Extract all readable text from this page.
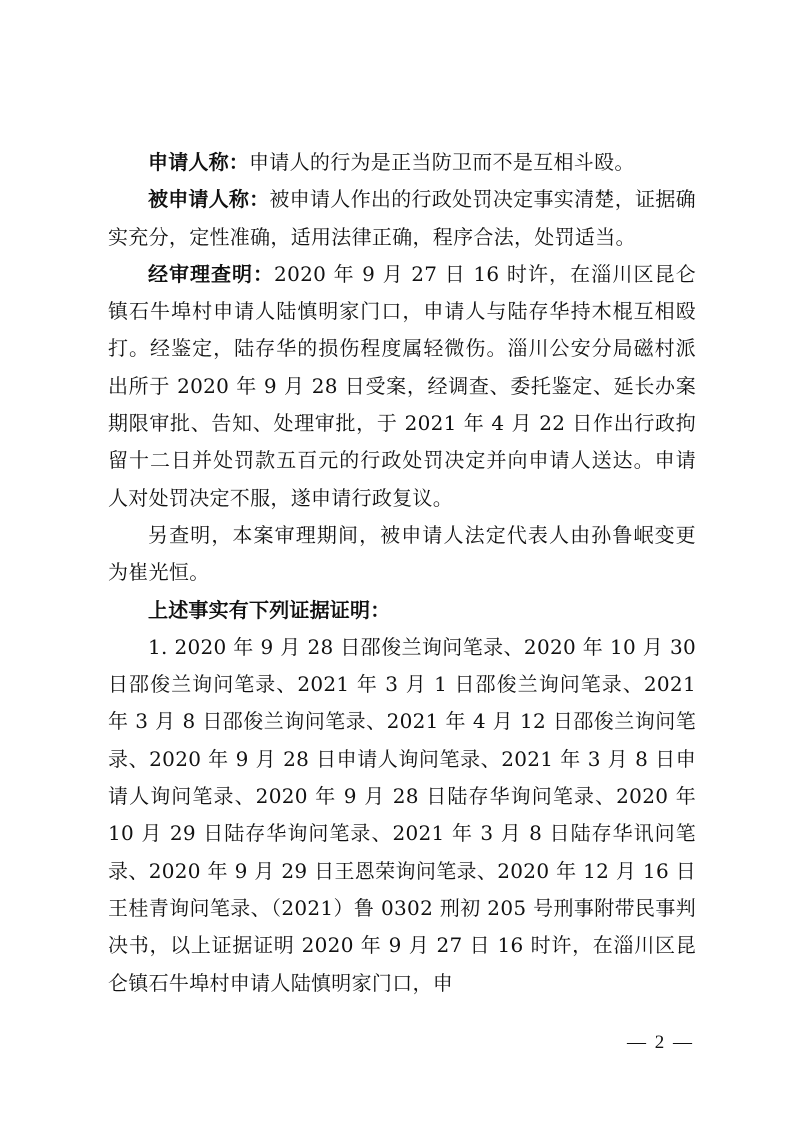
申请人称：申请人的行为是正当防卫而不是互相斗殴。

被申请人称：被申请人作出的行政处罚决定事实清楚，证据确实充分，定性准确，适用法律正确，程序合法，处罚适当。

经审理查明：2020 年 9 月 27 日 16 时许，在淄川区昆仑镇石牛埠村申请人陆慎明家门口，申请人与陆存华持木棍互相殴打。经鉴定，陆存华的损伤程度属轻微伤。淄川公安分局磁村派出所于 2020 年 9 月 28 日受案，经调查、委托鉴定、延长办案期限审批、告知、处理审批，于 2021 年 4 月 22 日作出行政拘留十二日并处罚款五百元的行政处罚决定并向申请人送达。申请人对处罚决定不服，遂申请行政复议。

另查明，本案审理期间，被申请人法定代表人由孙鲁岷变更为崔光恒。

上述事实有下列证据证明：

1. 2020 年 9 月 28 日邵俊兰询问笔录、2020 年 10 月 30 日邵俊兰询问笔录、2021 年 3 月 1 日邵俊兰询问笔录、2021 年 3 月 8 日邵俊兰询问笔录、2021 年 4 月 12 日邵俊兰询问笔录、2020 年 9 月 28 日申请人询问笔录、2021 年 3 月 8 日申请人询问笔录、2020 年 9 月 28 日陆存华询问笔录、2020 年 10 月 29 日陆存华询问笔录、2021 年 3 月 8 日陆存华讯问笔录、2020 年 9 月 29 日王恩荣询问笔录、2020 年 12 月 16 日王桂青询问笔录、（2021）鲁 0302 刑初 205 号刑事附带民事判决书，以上证据证明 2020 年 9 月 27 日 16 时许，在淄川区昆仑镇石牛埠村申请人陆慎明家门口，申

— 2 —
